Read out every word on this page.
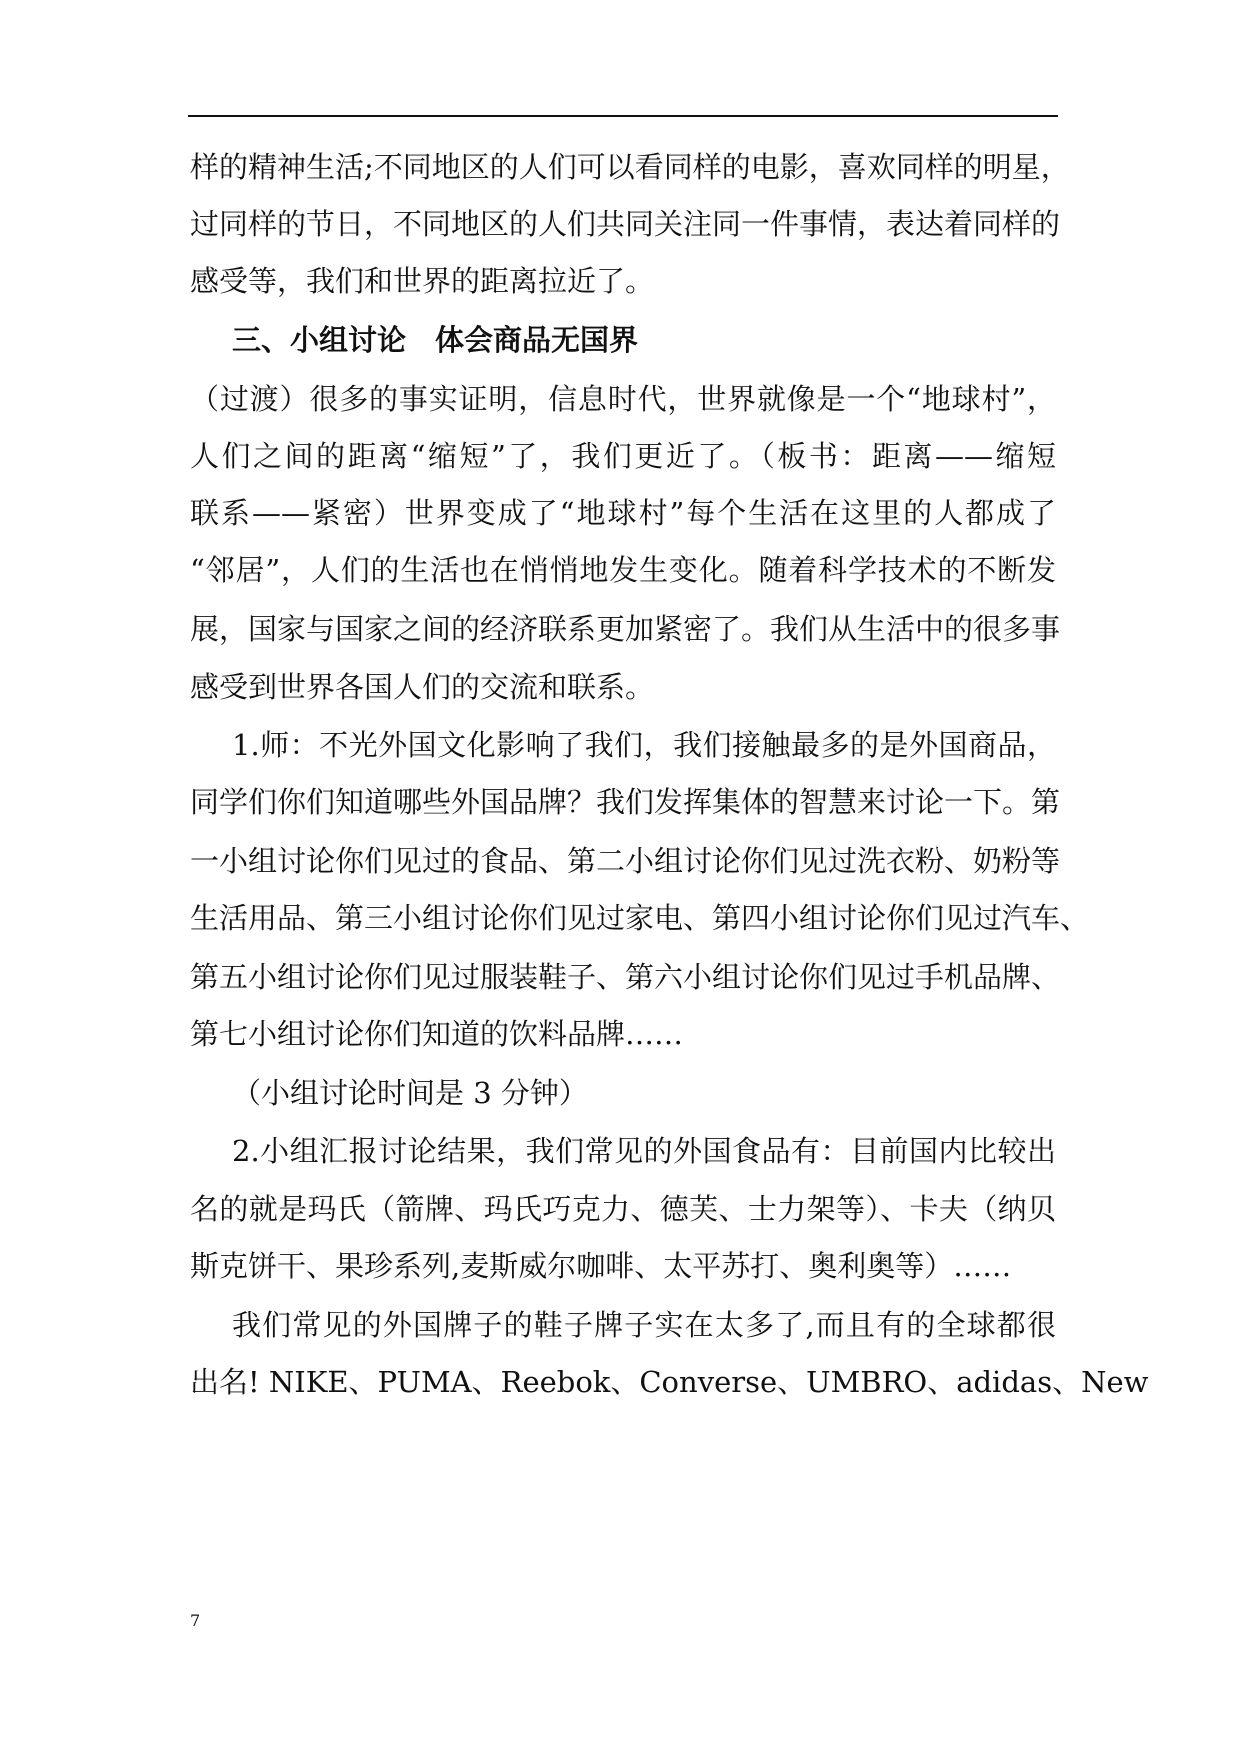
样的精神生活;不同地区的人们可以看同样的电影，喜欢同样的明星，
过同样的节日，不同地区的人们共同关注同一件事情，表达着同样的
感受等，我们和世界的距离拉近了。
三、小组讨论　体会商品无国界
（过渡）很多的事实证明，信息时代，世界就像是一个“地球村”，
人们之间的距离“缩短”了，我们更近了。（板书：距离——缩短
联系——紧密）世界变成了“地球村”每个生活在这里的人都成了
“邻居”，人们的生活也在悄悄地发生变化。随着科学技术的不断发
展，国家与国家之间的经济联系更加紧密了。我们从生活中的很多事
感受到世界各国人们的交流和联系。
1.师：不光外国文化影响了我们，我们接触最多的是外国商品，
同学们你们知道哪些外国品牌？我们发挥集体的智慧来讨论一下。第
一小组讨论你们见过的食品、第二小组讨论你们见过洗衣粉、奶粉等
生活用品、第三小组讨论你们见过家电、第四小组讨论你们见过汽车、
第五小组讨论你们见过服装鞋子、第六小组讨论你们见过手机品牌、
第七小组讨论你们知道的饮料品牌……
（小组讨论时间是 3 分钟）
2.小组汇报讨论结果，我们常见的外国食品有：目前国内比较出
名的就是玛氏（箭牌、玛氏巧克力、德芙、士力架等）、卡夫（纳贝
斯克饼干、果珍系列,麦斯威尔咖啡、太平苏打、奥利奥等）……
我们常见的外国牌子的鞋子牌子实在太多了,而且有的全球都很
出名! NIKE、PUMA、Reebok、Converse、UMBRO、adidas、New
7
